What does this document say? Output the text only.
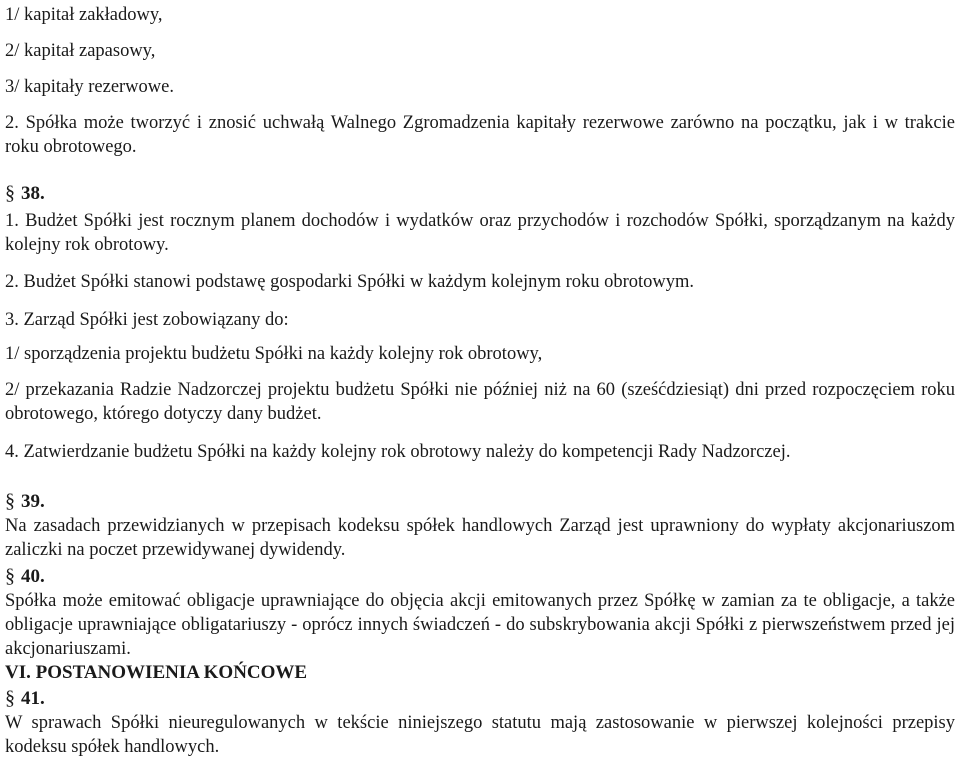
1/ kapitał zakładowy,
2/ kapitał zapasowy,
3/ kapitały rezerwowe.
2. Spółka może tworzyć i znosić uchwałą Walnego Zgromadzenia kapitały rezerwowe zarówno na początku, jak i w trakcie roku obrotowego.
§ 38.
1. Budżet Spółki jest rocznym planem dochodów i wydatków oraz przychodów i rozchodów Spółki, sporządzanym na każdy kolejny rok obrotowy.
2. Budżet Spółki stanowi podstawę gospodarki Spółki w każdym kolejnym roku obrotowym.
3. Zarząd Spółki jest zobowiązany do:
1/ sporządzenia projektu budżetu Spółki na każdy kolejny rok obrotowy,
2/ przekazania Radzie Nadzorczej projektu budżetu Spółki nie później niż na 60 (sześćdziesiąt) dni przed rozpoczęciem roku obrotowego, którego dotyczy dany budżet.
4. Zatwierdzanie budżetu Spółki na każdy kolejny rok obrotowy należy do kompetencji Rady Nadzorczej.
§ 39.
Na zasadach przewidzianych w przepisach kodeksu spółek handlowych Zarząd jest uprawniony do wypłaty akcjonariuszom zaliczki na poczet przewidywanej dywidendy.
§ 40.
Spółka może emitować obligacje uprawniające do objęcia akcji emitowanych przez Spółkę w zamian za te obligacje, a także obligacje uprawniające obligatariuszy - oprócz innych świadczeń - do subskrybowania akcji Spółki z pierwszeństwem przed jej akcjonariuszami.
VI. POSTANOWIENIA KOŃCOWE
§ 41.
W sprawach Spółki nieuregulowanych w tekście niniejszego statutu mają zastosowanie w pierwszej kolejności przepisy kodeksu spółek handlowych.
